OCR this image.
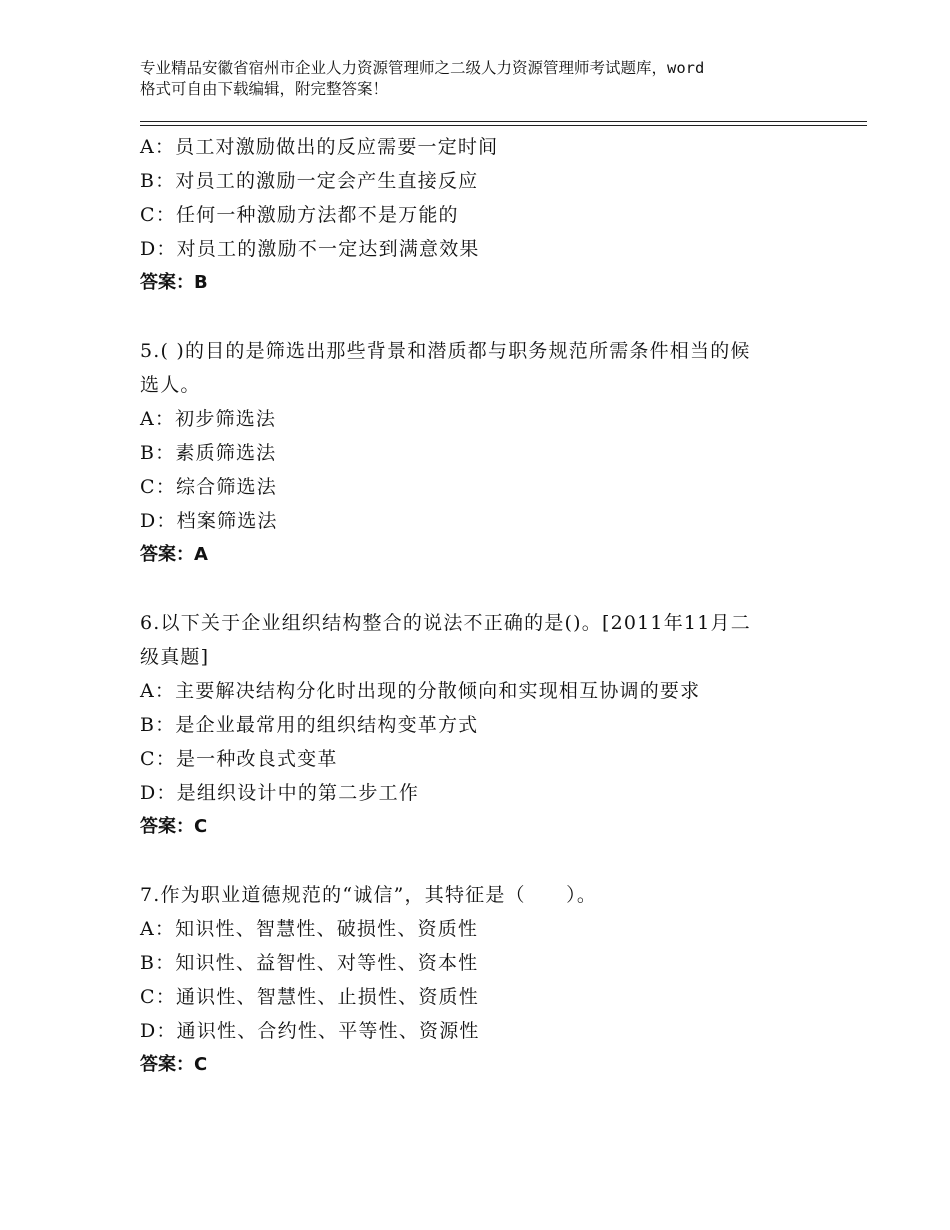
专业精品安徽省宿州市企业人力资源管理师之二级人力资源管理师考试题库，word
格式可自由下载编辑，附完整答案！
A：员工对激励做出的反应需要一定时间
B：对员工的激励一定会产生直接反应
C：任何一种激励方法都不是万能的
D：对员工的激励不一定达到满意效果
答案：B
5.( )的目的是筛选出那些背景和潜质都与职务规范所需条件相当的候
选人。
A：初步筛选法
B：素质筛选法
C：综合筛选法
D：档案筛选法
答案：A
6.以下关于企业组织结构整合的说法不正确的是()。[2011年11月二
级真题]
A：主要解决结构分化时出现的分散倾向和实现相互协调的要求
B：是企业最常用的组织结构变革方式
C：是一种改良式变革
D：是组织设计中的第二步工作
答案：C
7.作为职业道德规范的“诚信”，其特征是（　　）。
A：知识性、智慧性、破损性、资质性
B：知识性、益智性、对等性、资本性
C：通识性、智慧性、止损性、资质性
D：通识性、合约性、平等性、资源性
答案：C
